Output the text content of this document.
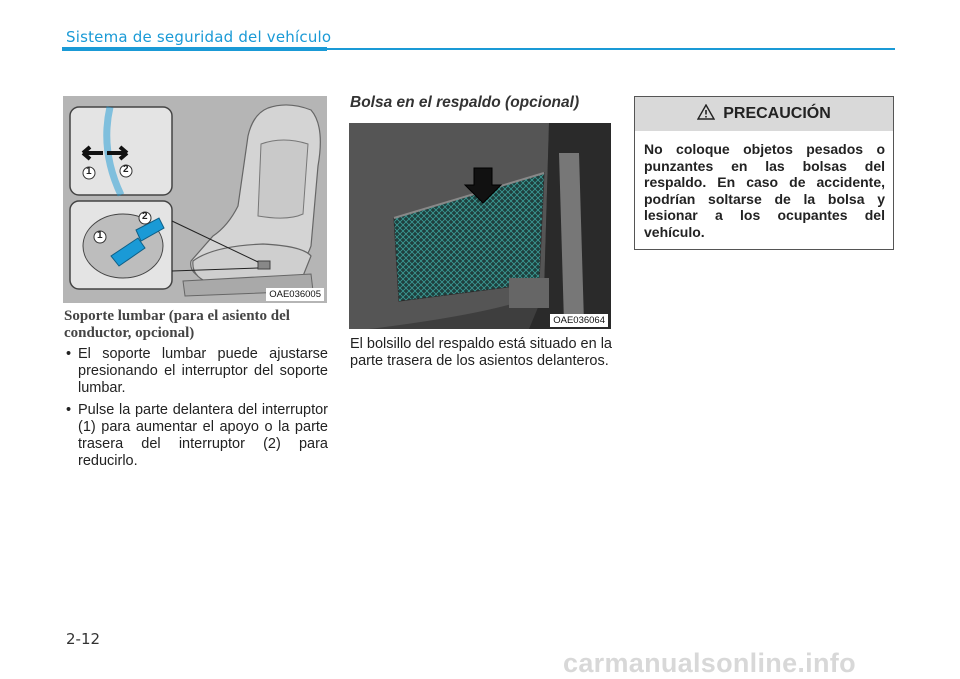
Sistema de seguridad del vehículo
1	2
1
2
OAE036005
Soporte lumbar (para el asiento del conductor, opcional)
• El soporte lumbar puede ajustarse presionando el interruptor del soporte lumbar.
• Pulse la parte delantera del interruptor (1) para aumentar el apoyo o la parte trasera del interruptor (2) para reducirlo.
Bolsa en el respaldo (opcional)
OAE036064

El bolsillo del respaldo está situado en la parte trasera de los asientos delanteros.

PRECAUCIÓN

No coloque objetos pesados o punzantes en las bolsas del respaldo. En caso de accidente, podrían soltarse de la bolsa y lesionar a los ocupantes del vehículo.

2-12
carmanualsonline.info
